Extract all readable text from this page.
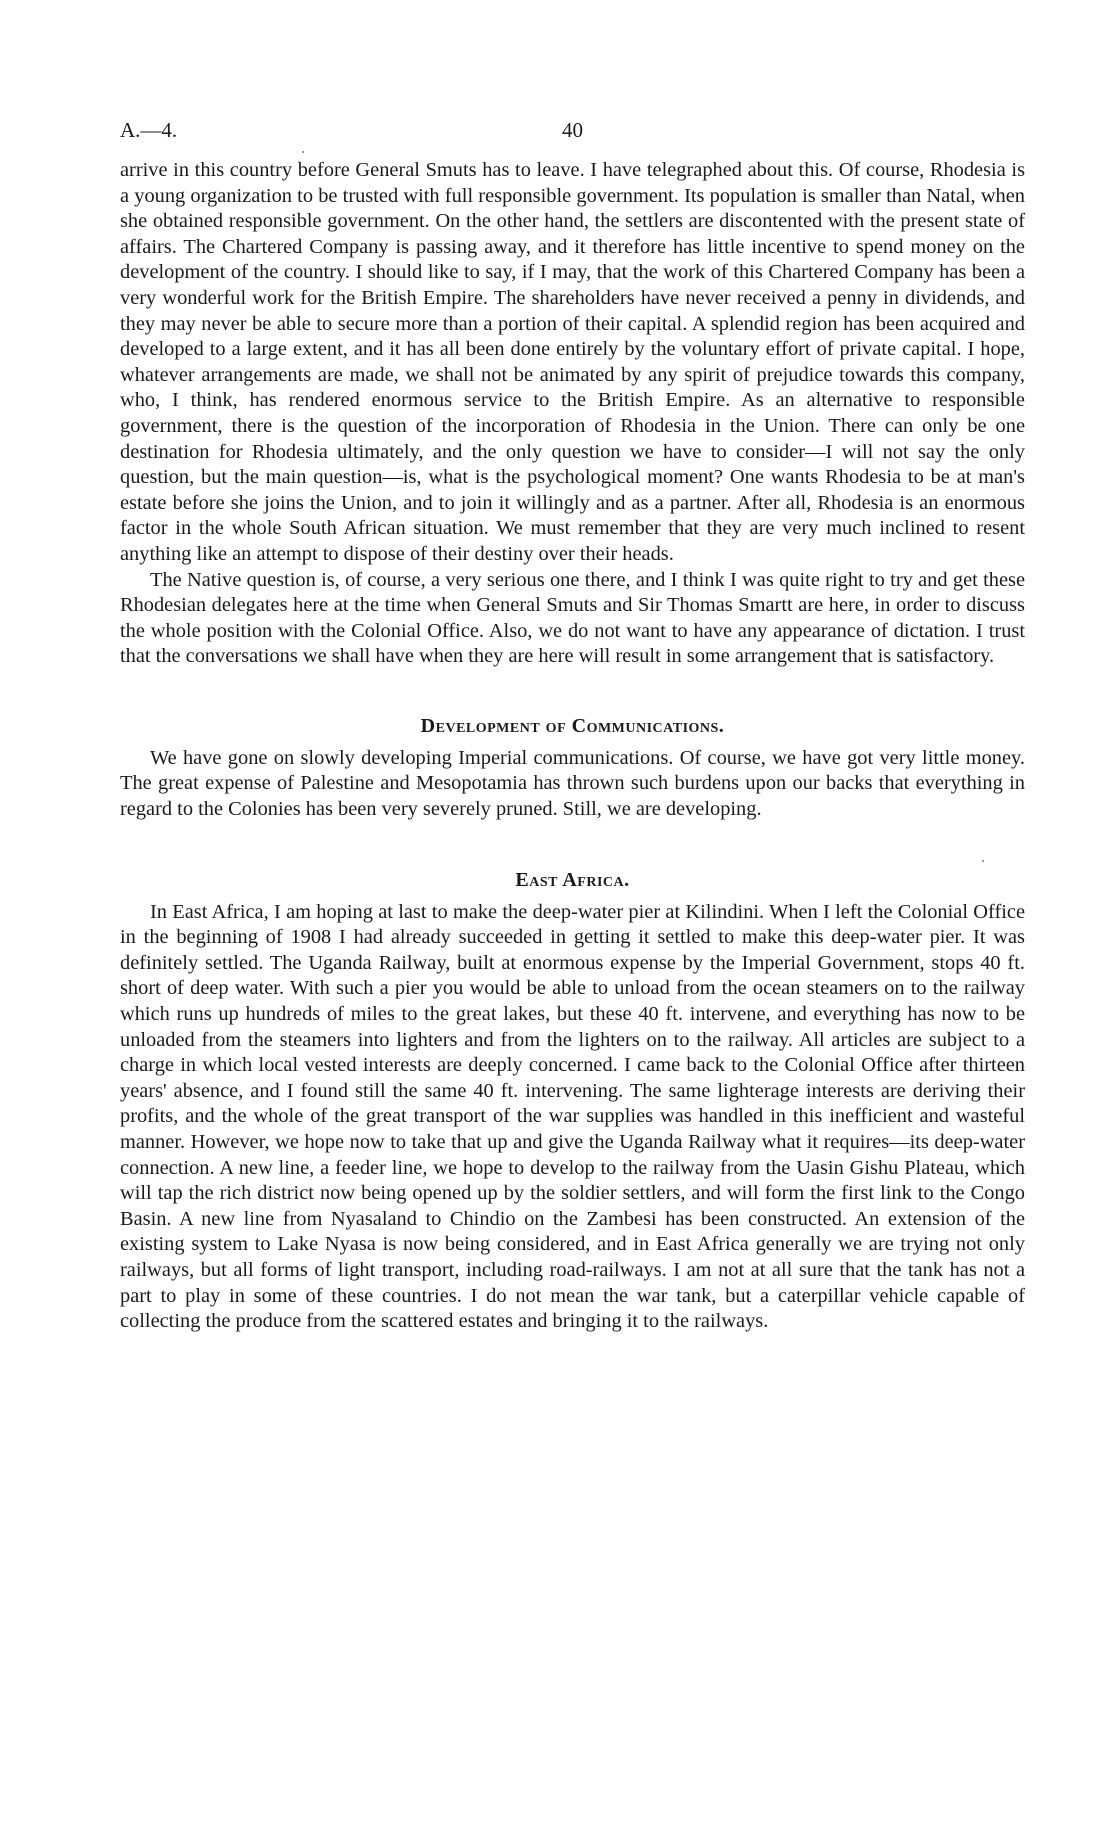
A.—4.	40

arrive in this country before General Smuts has to leave. I have telegraphed about this. Of course, Rhodesia is a young organization to be trusted with full responsible government. Its population is smaller than Natal, when she obtained responsible government. On the other hand, the settlers are discontented with the present state of affairs. The Chartered Company is passing away, and it therefore has little incentive to spend money on the development of the country. I should like to say, if I may, that the work of this Chartered Company has been a very wonderful work for the British Empire. The shareholders have never received a penny in dividends, and they may never be able to secure more than a portion of their capital. A splendid region has been acquired and developed to a large extent, and it has all been done entirely by the voluntary effort of private capital. I hope, whatever arrangements are made, we shall not be animated by any spirit of prejudice towards this company, who, I think, has rendered enormous service to the British Empire. As an alternative to responsible government, there is the question of the incorporation of Rhodesia in the Union. There can only be one destination for Rhodesia ultimately, and the only question we have to consider—I will not say the only question, but the main question—is, what is the psychological moment? One wants Rhodesia to be at man's estate before she joins the Union, and to join it willingly and as a partner. After all, Rhodesia is an enormous factor in the whole South African situation. We must remember that they are very much inclined to resent anything like an attempt to dispose of their destiny over their heads.

The Native question is, of course, a very serious one there, and I think I was quite right to try and get these Rhodesian delegates here at the time when General Smuts and Sir Thomas Smartt are here, in order to discuss the whole position with the Colonial Office. Also, we do not want to have any appearance of dictation. I trust that the conversations we shall have when they are here will result in some arrangement that is satisfactory.

Development of Communications.

We have gone on slowly developing Imperial communications. Of course, we have got very little money. The great expense of Palestine and Mesopotamia has thrown such burdens upon our backs that everything in regard to the Colonies has been very severely pruned. Still, we are developing.

East Africa.

In East Africa, I am hoping at last to make the deep-water pier at Kilindini. When I left the Colonial Office in the beginning of 1908 I had already succeeded in getting it settled to make this deep-water pier. It was definitely settled. The Uganda Railway, built at enormous expense by the Imperial Government, stops 40 ft. short of deep water. With such a pier you would be able to unload from the ocean steamers on to the railway which runs up hundreds of miles to the great lakes, but these 40 ft. intervene, and everything has now to be unloaded from the steamers into lighters and from the lighters on to the railway. All articles are subject to a charge in which local vested interests are deeply concerned. I came back to the Colonial Office after thirteen years' absence, and I found still the same 40 ft. intervening. The same lighterage interests are deriving their profits, and the whole of the great transport of the war supplies was handled in this inefficient and wasteful manner. However, we hope now to take that up and give the Uganda Railway what it requires—its deep-water connection. A new line, a feeder line, we hope to develop to the railway from the Uasin Gishu Plateau, which will tap the rich district now being opened up by the soldier settlers, and will form the first link to the Congo Basin. A new line from Nyasaland to Chindio on the Zambesi has been constructed. An extension of the existing system to Lake Nyasa is now being considered, and in East Africa generally we are trying not only railways, but all forms of light transport, including road-railways. I am not at all sure that the tank has not a part to play in some of these countries. I do not mean the war tank, but a caterpillar vehicle capable of collecting the produce from the scattered estates and bringing it to the railways.
